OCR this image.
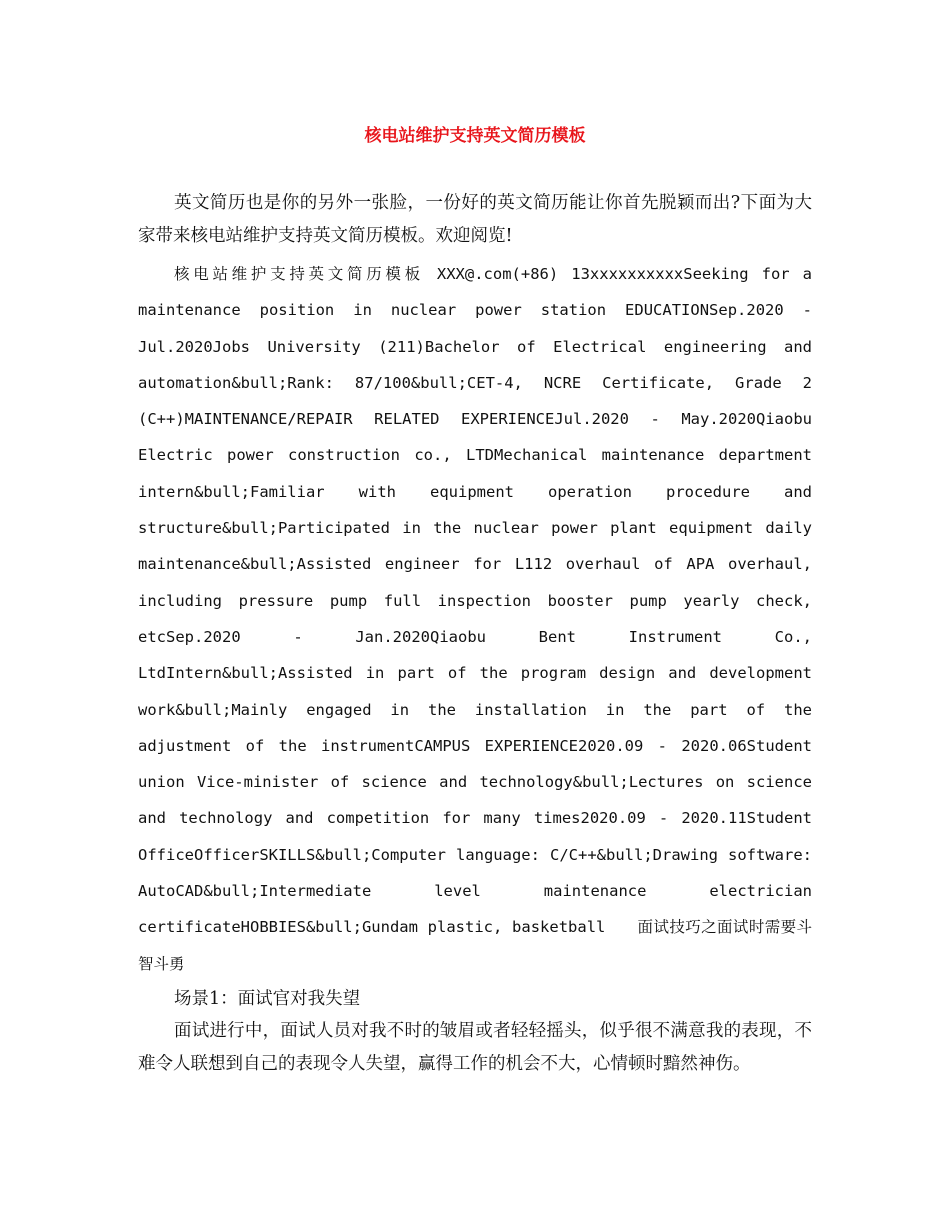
核电站维护支持英文简历模板

英文简历也是你的另外一张脸，一份好的英文简历能让你首先脱颖而出?下面为大家带来核电站维护支持英文简历模板。欢迎阅览!

核电站维护支持英文简历模板 XXX@.com(+86) 13xxxxxxxxxxSeeking for a maintenance position in nuclear power station EDUCATIONSep.2020 - Jul.2020Jobs University (211)Bachelor of Electrical engineering and automation&bull;Rank: 87/100&bull;CET-4, NCRE Certificate, Grade 2 (C++)MAINTENANCE/REPAIR RELATED EXPERIENCEJul.2020 - May.2020Qiaobu Electric power construction co., LTDMechanical maintenance department intern&bull;Familiar with equipment operation procedure and structure&bull;Participated in the nuclear power plant equipment daily maintenance&bull;Assisted engineer for L112 overhaul of APA overhaul, including pressure pump full inspection booster pump yearly check, etcSep.2020 - Jan.2020Qiaobu Bent Instrument Co., LtdIntern&bull;Assisted in part of the program design and development work&bull;Mainly engaged in the installation in the part of the adjustment of the instrumentCAMPUS EXPERIENCE2020.09 - 2020.06Student union Vice-minister of science and technology&bull;Lectures on science and technology and competition for many times2020.09 - 2020.11Student OfficeOfficerSKILLS&bull;Computer language: C/C++&bull;Drawing software: AutoCAD&bull;Intermediate level maintenance electrician certificateHOBBIES&bull;Gundam plastic, basketball　　面试技巧之面试时需要斗智斗勇

场景1：面试官对我失望

面试进行中，面试人员对我不时的皱眉或者轻轻摇头，似乎很不满意我的表现，不难令人联想到自己的表现令人失望，赢得工作的机会不大，心情顿时黯然神伤。
